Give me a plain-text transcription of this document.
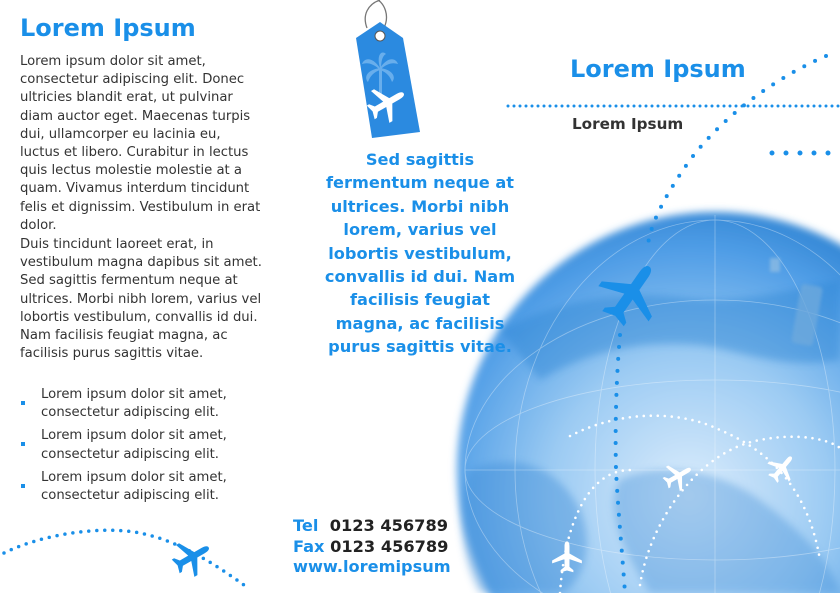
Lorem Ipsum
Lorem ipsum dolor sit amet, consectetur adipiscing elit. Donec ultricies blandit erat, ut pulvinar diam auctor eget. Maecenas turpis dui, ullamcorper eu lacinia eu, luctus et libero. Curabitur in lectus quis lectus molestie molestie at a quam. Vivamus interdum tincidunt felis et dignissim. Vestibulum in erat dolor.
Duis tincidunt laoreet erat, in vestibulum magna dapibus sit amet. Sed sagittis fermentum neque at ultrices. Morbi nibh lorem, varius vel lobortis vestibulum, convallis id dui. Nam facilisis feugiat magna, ac facilisis purus sagittis vitae.
Lorem ipsum dolor sit amet, consectetur adipiscing elit.
Lorem ipsum dolor sit amet, consectetur adipiscing elit.
Lorem ipsum dolor sit amet, consectetur adipiscing elit.
Sed sagittis fermentum neque at ultrices. Morbi nibh lorem, varius vel lobortis vestibulum, convallis id dui. Nam facilisis feugiat magna, ac facilisis purus sagittis vitae.
Tel 0123 456789
Fax 0123 456789
www.loremipsum
Lorem Ipsum
Lorem Ipsum
